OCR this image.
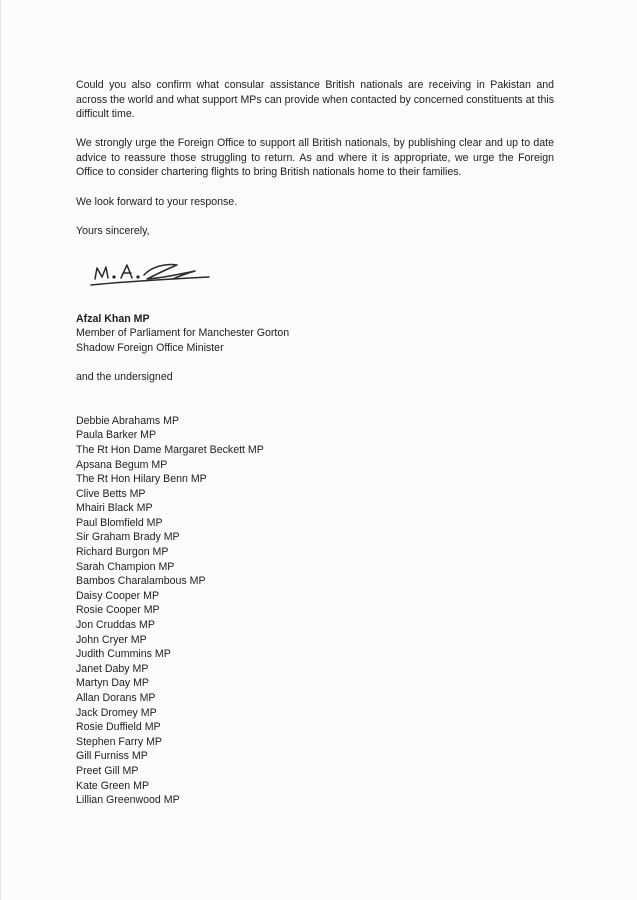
Could you also confirm what consular assistance British nationals are receiving in Pakistan and across the world and what support MPs can provide when contacted by concerned constituents at this difficult time.

We strongly urge the Foreign Office to support all British nationals, by publishing clear and up to date advice to reassure those struggling to return. As and where it is appropriate, we urge the Foreign Office to consider chartering flights to bring British nationals home to their families.

We look forward to your response.

Yours sincerely,

Afzal Khan MP

Member of Parliament for Manchester Gorton

Shadow Foreign Office Minister

and the undersigned

Debbie Abrahams MP
Paula Barker MP
The Rt Hon Dame Margaret Beckett MP
Apsana Begum MP
The Rt Hon Hilary Benn MP
Clive Betts MP
Mhairi Black MP
Paul Blomfield MP
Sir Graham Brady MP
Richard Burgon MP
Sarah Champion MP
Bambos Charalambous MP
Daisy Cooper MP
Rosie Cooper MP
Jon Cruddas MP
John Cryer MP
Judith Cummins MP
Janet Daby MP
Martyn Day MP
Allan Dorans MP
Jack Dromey MP
Rosie Duffield MP
Stephen Farry MP
Gill Furniss MP
Preet Gill MP
Kate Green MP
Lillian Greenwood MP
